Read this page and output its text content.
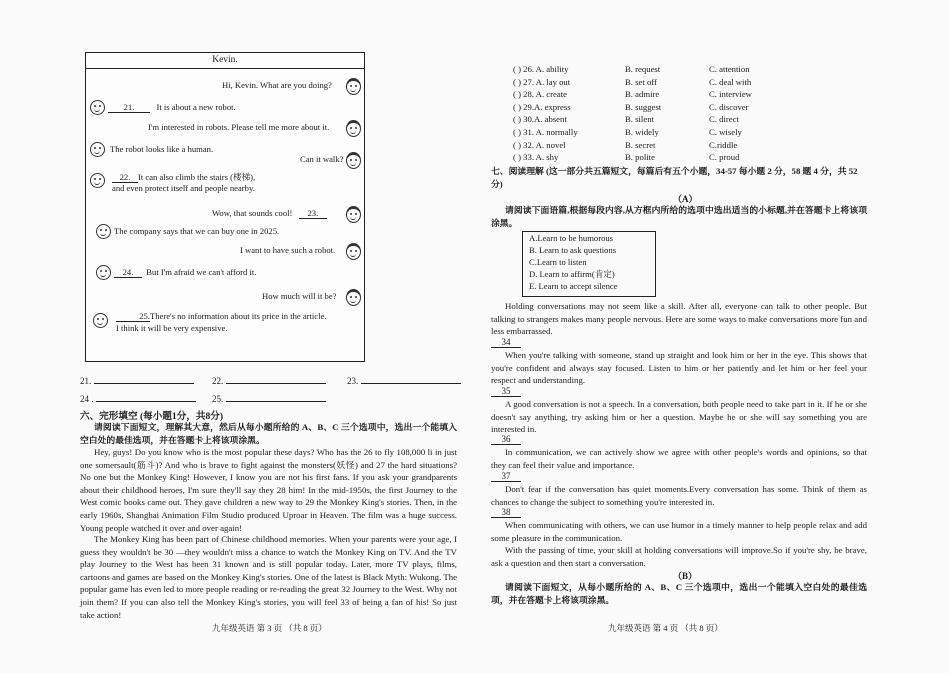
Kevin.
Hi, Kevin. What are you doing?
21.	It is about a new robot.
I'm interested in robots. Please tell me more about it.
The robot looks like a human.
Can it walk?
22. It can also climb the stairs (楼梯),
and even protect itself and people nearby.
Wow, that sounds cool! 23.
The company says that we can buy one in 2025.
I want to have such a robot.
24. But I'm afraid we can't afford it.
How much will it be?
25.There's no information about its price in the article.
I think it will be very expensive.
21.	22.	23.
24 .	25.
六、完形填空 (每小题1分，共8分)
请阅读下面短文，理解其大意，然后从每小题所给的 A、B、C 三个选项中，选出一个能填入空白处的最佳选项，并在答题卡上将该项涂黑。
Hey, guys! Do you know who is the most popular these days? Who has the 26 to fly 108,000 li in just one somersault(筋斗)? And who is brave to fight against the monsters(妖怪) and 27 the hard situations? No one but the Monkey King! However, I know you are not his first fans. If you ask your grandparents about their childhood heroes, I'm sure they'll say they 28 him! In the mid-1950s, the first Journey to the West comic books came out. They gave children a new way to 29 the Monkey King's stories. Then, in the early 1960s, Shanghai Animation Film Studio produced Uproar in Heaven. The film was a huge success. Young people watched it over and over again!
The Monkey King has been part of Chinese childhood memories. When your parents were your age, I guess they wouldn't be 30 —they wouldn't miss a chance to watch the Monkey King on TV. And the TV play Journey to the West has been 31 known and is still popular today. Later, more TV plays, films, cartoons and games are based on the Monkey King's stories. One of the latest is Black Myth: Wukong. The popular game has even led to more people reading or re-reading the great 32 Journey to the West. Why not join them? If you can also tell the Monkey King's stories, you will feel 33 of being a fan of his! So just take action!
九年级英语 第 3 页 （共 8 页）
( ) 26. A. ability	B. request	C. attention
( ) 27. A. lay out	B. set off	C. deal with
( ) 28. A. create	B. admire	C. interview
( ) 29.A. express	B. suggest	C. discover
( ) 30.A. absent	B. silent	C. direct
( ) 31. A. normally	B. widely	C. wisely
( ) 32. A. novel	B. secret	C.riddle
( ) 33. A. shy	B. polite	C. proud
七、阅读理解 (这一部分共五篇短文，每篇后有五个小题，34-57 每小题 2 分，58 题 4 分，共 52 分)
（A）
请阅读下面语篇,根据每段内容,从方框内所给的选项中选出适当的小标题,并在答题卡上将该项涂黑。
A.Learn to be humorous
B. Learn to ask questions
C.Learn to listen
D. Learn to affirm(肯定)
E. Learn to accept silence
Holding conversations may not seem like a skill. After all, everyone can talk to other people. But talking to strangers makes many people nervous. Here are some ways to make conversations more fun and less embarrassed.
34
When you're talking with someone, stand up straight and look him or her in the eye. This shows that you're confident and always stay focused. Listen to him or her patiently and let him or her feel your respect and understanding.
35
A good conversation is not a speech. In a conversation, both people need to take part in it. If he or she doesn't say anything, try asking him or her a question. Maybe he or she will say something you are interested in.
36
In communication, we can actively show we agree with other people's words and opinions, so that they can feel their value and importance.
37
Don't fear if the conversation has quiet moments.Every conversation has some. Think of them as chances to change the subject to something you're interested in.
38
When communicating with others, we can use humor in a timely manner to help people relax and add some pleasure in the communication.
With the passing of time, your skill at holding conversations will improve.So if you're shy, be brave, ask a question and then start a conversation.
（B）
请阅读下面短文，从每小题所给的 A、B、C 三个选项中，选出一个能填入空白处的最佳选项，并在答题卡上将该项涂黑。
九年级英语 第 4 页 （共 8 页）
